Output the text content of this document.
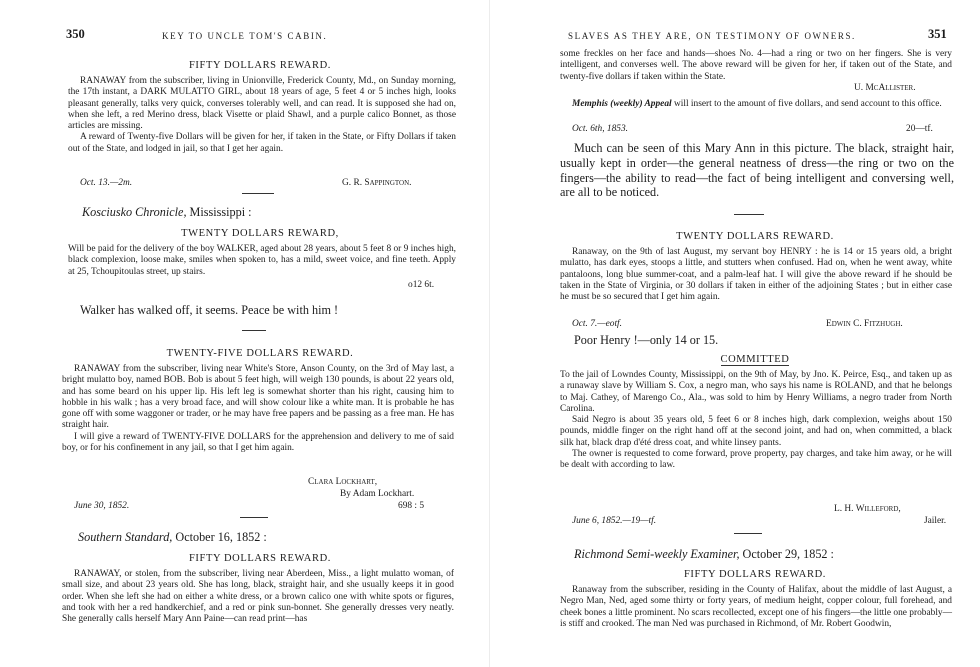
350	KEY TO UNCLE TOM'S CABIN.
FIFTY DOLLARS REWARD.

RANAWAY from the subscriber, living in Unionville, Frederick County, Md., on Sunday morning, the 17th instant, a DARK MULATTO GIRL, about 18 years of age, 5 feet 4 or 5 inches high, looks pleasant generally, talks very quick, converses tolerably well, and can read. It is supposed she had on, when she left, a red Merino dress, black Visette or plaid Shawl, and a purple calico Bonnet, as those articles are missing.

A reward of Twenty-five Dollars will be given for her, if taken in the State, or Fifty Dollars if taken out of the State, and lodged in jail, so that I get her again.

Oct. 13.—2m.	G. R. Sappington.
Kosciusko Chronicle, Mississippi :
TWENTY DOLLARS REWARD,

Will be paid for the delivery of the boy WALKER, aged about 28 years, about 5 feet 8 or 9 inches high, black complexion, loose make, smiles when spoken to, has a mild, sweet voice, and fine teeth. Apply at 25, Tchoupitoulas street, up stairs.

o12 6t.
Walker has walked off, it seems. Peace be with him !
TWENTY-FIVE DOLLARS REWARD.

RANAWAY from the subscriber, living near White's Store, Anson County, on the 3rd of May last, a bright mulatto boy, named BOB. Bob is about 5 feet high, will weigh 130 pounds, is about 22 years old, and has some beard on his upper lip. His left leg is somewhat shorter than his right, causing him to hobble in his walk ; has a very broad face, and will show colour like a white man. It is probable he has gone off with some waggoner or trader, or he may have free papers and be passing as a free man. He has straight hair.

I will give a reward of TWENTY-FIVE DOLLARS for the apprehension and delivery to me of said boy, or for his confinement in any jail, so that I get him again.

Clara Lockhart,
By Adam Lockhart.
June 30, 1852.	698 : 5
Southern Standard, October 16, 1852 :
FIFTY DOLLARS REWARD.

RANAWAY, or stolen, from the subscriber, living near Aberdeen, Miss., a light mulatto woman, of small size, and about 23 years old. She has long, black, straight hair, and she usually keeps it in good order. When she left she had on either a white dress, or a brown calico one with white spots or figures, and took with her a red handkerchief, and a red or pink sun-bonnet. She generally dresses very neatly. She generally calls herself Mary Ann Paine—can read print—has

SLAVES AS THEY ARE, ON TESTIMONY OF OWNERS.	351

some freckles on her face and hands—shoes No. 4—had a ring or two on her fingers. She is very intelligent, and converses well. The above reward will be given for her, if taken out of the State, and twenty-five dollars if taken within the State.

U. McAllister.

Memphis (weekly) Appeal will insert to the amount of five dollars, and send account to this office.

Oct. 6th, 1853.	20—tf.
Much can be seen of this Mary Ann in this picture. The black, straight hair, usually kept in order—the general neatness of dress—the ring or two on the fingers—the ability to read—the fact of being intelligent and conversing well, are all to be noticed.
TWENTY DOLLARS REWARD.

Ranaway, on the 9th of last August, my servant boy HENRY : he is 14 or 15 years old, a bright mulatto, has dark eyes, stoops a little, and stutters when confused. Had on, when he went away, white pantaloons, long blue summer-coat, and a palm-leaf hat. I will give the above reward if he should be taken in the State of Virginia, or 30 dollars if taken in either of the adjoining States ; but in either case he must be so secured that I get him again.

Oct. 7.—eotf.	Edwin C. Fitzhugh.
Poor Henry !—only 14 or 15.
COMMITTED

To the jail of Lowndes County, Mississippi, on the 9th of May, by Jno. K. Peirce, Esq., and taken up as a runaway slave by William S. Cox, a negro man, who says his name is ROLAND, and that he belongs to Maj. Cathey, of Marengo Co., Ala., was sold to him by Henry Williams, a negro trader from North Carolina.

Said Negro is about 35 years old, 5 feet 6 or 8 inches high, dark complexion, weighs about 150 pounds, middle finger on the right hand off at the second joint, and had on, when committed, a black silk hat, black drap d'été dress coat, and white linsey pants.

The owner is requested to come forward, prove property, pay charges, and take him away, or he will be dealt with according to law.

L. H. Willeford,
June 6, 1852.—19—tf.	Jailer.
Richmond Semi-weekly Examiner, October 29, 1852 :
FIFTY DOLLARS REWARD.

Ranaway from the subscriber, residing in the County of Halifax, about the middle of last August, a Negro Man, Ned, aged some thirty or forty years, of medium height, copper colour, full forehead, and cheek bones a little prominent. No scars recollected, except one of his fingers—the little one probably—is stiff and crooked. The man Ned was purchased in Richmond, of Mr. Robert Goodwin,
